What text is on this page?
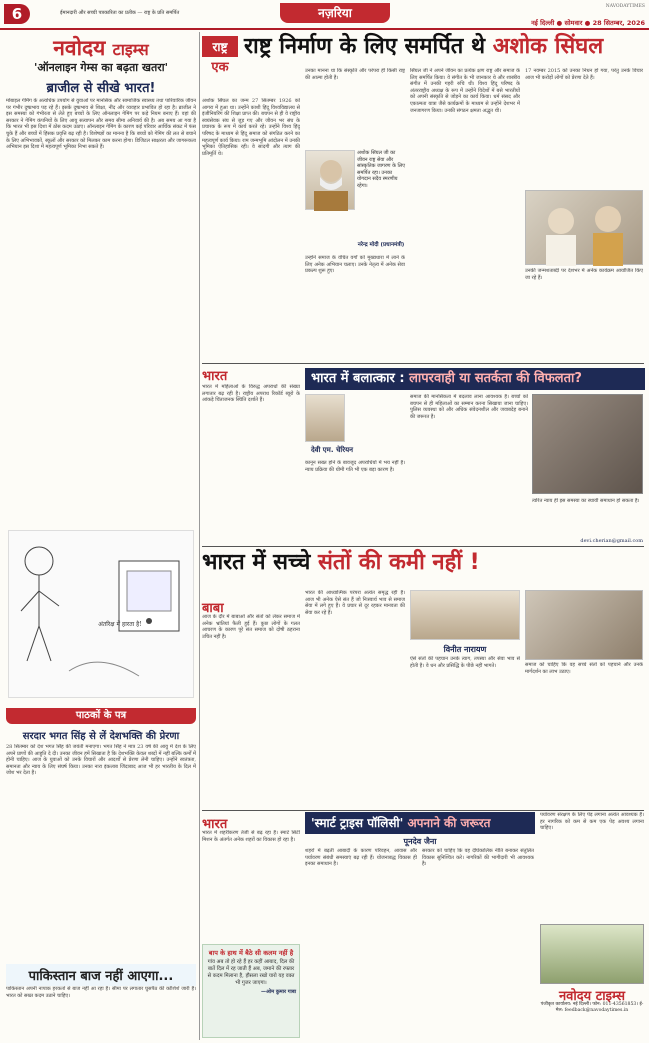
6	ईमानदारी और सच्ची पत्रकारिता का प्रतीक — राष्ट्र के प्रति समर्पित	नज़रिया	NAVODAYTIMES
नई दिल्ली ● सोमवार ● 28 सितम्बर, 2026
नवोदय टाइम्स
'ऑनलाइन गेम्स का बढ़ता खतरा'
ब्राजील से सीखे भारत!
मोबाइल गेमिंग के अत्यधिक उपयोग से युवाओं पर मानसिक और सामाजिक स्वास्थ्य तथा पारिवारिक जीवन पर गंभीर दुष्प्रभाव पड़ रहे हैं। इसके दुष्प्रभाव से शिक्षा, नींद और व्यवहार प्रभावित हो रहा है। ब्राजील ने इस समस्या को गंभीरता से लेते हुए बच्चों के लिए ऑनलाइन गेमिंग पर कड़े नियम बनाए हैं। वहां की सरकार ने गेमिंग कंपनियों के लिए आयु सत्यापन और समय सीमा अनिवार्य की है। अब समय आ गया है कि भारत भी इस दिशा में ठोस कदम उठाए। ऑनलाइन गेमिंग के कारण कई परिवार आर्थिक संकट में फंस चुके हैं और बच्चों में हिंसक प्रवृत्ति बढ़ रही है। विशेषज्ञों का मानना है कि बच्चों को गेमिंग की लत से बचाने के लिए अभिभावकों, स्कूलों और सरकार को मिलकर काम करना होगा। डिजिटल साक्षरता और जागरूकता अभियान इस दिशा में महत्वपूर्ण भूमिका निभा सकते हैं।
अंतरिक्ष में हारता है!
पाठकों के पत्र
सरदार भगत सिंह से लें देशभक्ति की प्रेरणा
28 सितम्बर को देश भगत सिंह की जयंती मनाएगा। भगत सिंह ने मात्र 23 वर्ष की आयु में देश के लिए अपने प्राणों की आहुति दे दी। उनका जीवन हमें सिखाता है कि देशभक्ति केवल शब्दों में नहीं बल्कि कर्मों में होनी चाहिए। आज के युवाओं को उनके विचारों और आदर्शों से प्रेरणा लेनी चाहिए। उन्होंने स्वतंत्रता, समानता और न्याय के लिए संघर्ष किया। उनका नारा इंकलाब जिंदाबाद आज भी हर भारतीय के दिल में जोश भर देता है।
पाकिस्तान बाज नहीं आएगा...
पाकिस्तान अपनी नापाक हरकतों से बाज नहीं आ रहा है। सीमा पर लगातार घुसपैठ की कोशिशें जारी हैं। भारत को सख्त कदम उठाने चाहिए।
राष्ट्र
एक
राष्ट्र निर्माण के लिए समर्पित थे अशोक सिंघल
अशोक सिंघल का जन्म 27 सितम्बर 1926 को आगरा में हुआ था। उन्होंने काशी हिंदू विश्वविद्यालय से इंजीनियरिंग की शिक्षा प्राप्त की। बचपन से ही वे राष्ट्रीय स्वयंसेवक संघ से जुड़ गए और जीवन भर संघ के प्रचारक के रूप में कार्य करते रहे। उन्होंने विश्व हिंदू परिषद के माध्यम से हिंदू समाज को संगठित करने का महत्वपूर्ण कार्य किया। राम जन्मभूमि आंदोलन में उनकी भूमिका ऐतिहासिक रही। वे सादगी और त्याग की प्रतिमूर्ति थे।
उनका मानना था कि संस्कृति और परंपरा ही किसी राष्ट्र की आत्मा होती है।
अशोक सिंघल जी का जीवन राष्ट्र सेवा और सांस्कृतिक जागरण के लिए समर्पित रहा। उनका योगदान सदैव स्मरणीय रहेगा।
नरेन्द्र मोदी (प्रधानमंत्री)
उन्होंने समाज के वंचित वर्गों को मुख्यधारा में लाने के लिए अनेक अभियान चलाए। उनके नेतृत्व में अनेक सेवा प्रकल्प शुरू हुए।
सिंघल जी ने अपने जीवन का प्रत्येक क्षण राष्ट्र और समाज के लिए समर्पित किया। वे संगीत के भी जानकार थे और शास्त्रीय संगीत में उनकी गहरी रुचि थी। विश्व हिंदू परिषद के अंतरराष्ट्रीय अध्यक्ष के रूप में उन्होंने विदेशों में बसे भारतीयों को अपनी संस्कृति से जोड़ने का कार्य किया। धर्म संसद और एकात्मता यात्रा जैसे कार्यक्रमों के माध्यम से उन्होंने देशभर में जनजागरण किया। उनकी संगठन क्षमता अद्भुत थी।
17 नवम्बर 2015 को उनका निधन हो गया, परंतु उनके विचार आज भी करोड़ों लोगों को प्रेरणा देते हैं।
उनकी जन्मशताब्दी पर देशभर में अनेक कार्यक्रम आयोजित किए जा रहे हैं।
भारत
भारत में महिलाओं के विरुद्ध अपराधों की संख्या लगातार बढ़ रही है। राष्ट्रीय अपराध रिकॉर्ड ब्यूरो के आंकड़े चिंताजनक स्थिति दर्शाते हैं।
भारत में बलात्कार : लापरवाही या सतर्कता की विफलता?
देवी एम. चेरियन
कानून सख्त होने के बावजूद अपराधियों में भय नहीं है। न्याय प्रक्रिया की धीमी गति भी एक बड़ा कारण है।
समाज की मानसिकता में बदलाव लाना आवश्यक है। बच्चों को बचपन से ही महिलाओं का सम्मान करना सिखाया जाना चाहिए। पुलिस व्यवस्था को और अधिक संवेदनशील और जवाबदेह बनाने की जरूरत है।
त्वरित न्याय ही इस समस्या का स्थायी समाधान हो सकता है।
devi.cherian@gmail.com
भारत में सच्चे संतों की कमी नहीं !
बाबा
आज के दौर में बाबाओं और संतों को लेकर समाज में अनेक भ्रांतियां फैली हुई हैं। कुछ लोगों के गलत आचरण के कारण पूरे संत समाज को दोषी ठहराना उचित नहीं है।
भारत की आध्यात्मिक परंपरा अत्यंत समृद्ध रही है। आज भी अनेक ऐसे संत हैं जो निःस्वार्थ भाव से समाज सेवा में लगे हुए हैं। वे प्रचार से दूर रहकर मानवता की सेवा कर रहे हैं।
विनीत नारायण
ऐसे संतों की पहचान उनके त्याग, तपस्या और सेवा भाव से होती है। वे धन और प्रसिद्धि के पीछे नहीं भागते।	समाज को चाहिए कि वह सच्चे संतों को पहचाने और उनके मार्गदर्शन का लाभ उठाए।
भारत
भारत में शहरीकरण तेजी से बढ़ रहा है। स्मार्ट सिटी मिशन के अंतर्गत अनेक शहरों का विकास हो रहा है।
'स्मार्ट ट्राइस पॉलिसी' अपनाने की जरूरत
पूनदेव जैना
शहरों में बढ़ती आबादी के कारण परिवहन, आवास और पर्यावरण संबंधी समस्याएं बढ़ रही हैं। योजनाबद्ध विकास ही इनका समाधान है।
सरकार को चाहिए कि वह दीर्घकालिक नीति बनाकर संतुलित विकास सुनिश्चित करे। नागरिकों की भागीदारी भी आवश्यक है।
बाप के हाथ में बैठे सी कलम नहीं है
गांव अब तो हो रहे हैं हर कहीं आबाद, दिल की बातें दिल में रह जाती हैं अब, जमाने की रफ्तार से कदम मिलाना है, हौसला रखो यारो यह वक्त भी गुजर जाएगा।
—ओम कुमार गाबा
पर्यावरण संरक्षण के लिए पेड़ लगाना अत्यंत आवश्यक है। हर नागरिक को कम से कम एक पेड़ अवश्य लगाना चाहिए।
नवोदय टाइम्स
पंजीकृत कार्यालय: नई दिल्ली। फोन: 011-43561853। ई-मेल: feedback@navodaytimes.in
